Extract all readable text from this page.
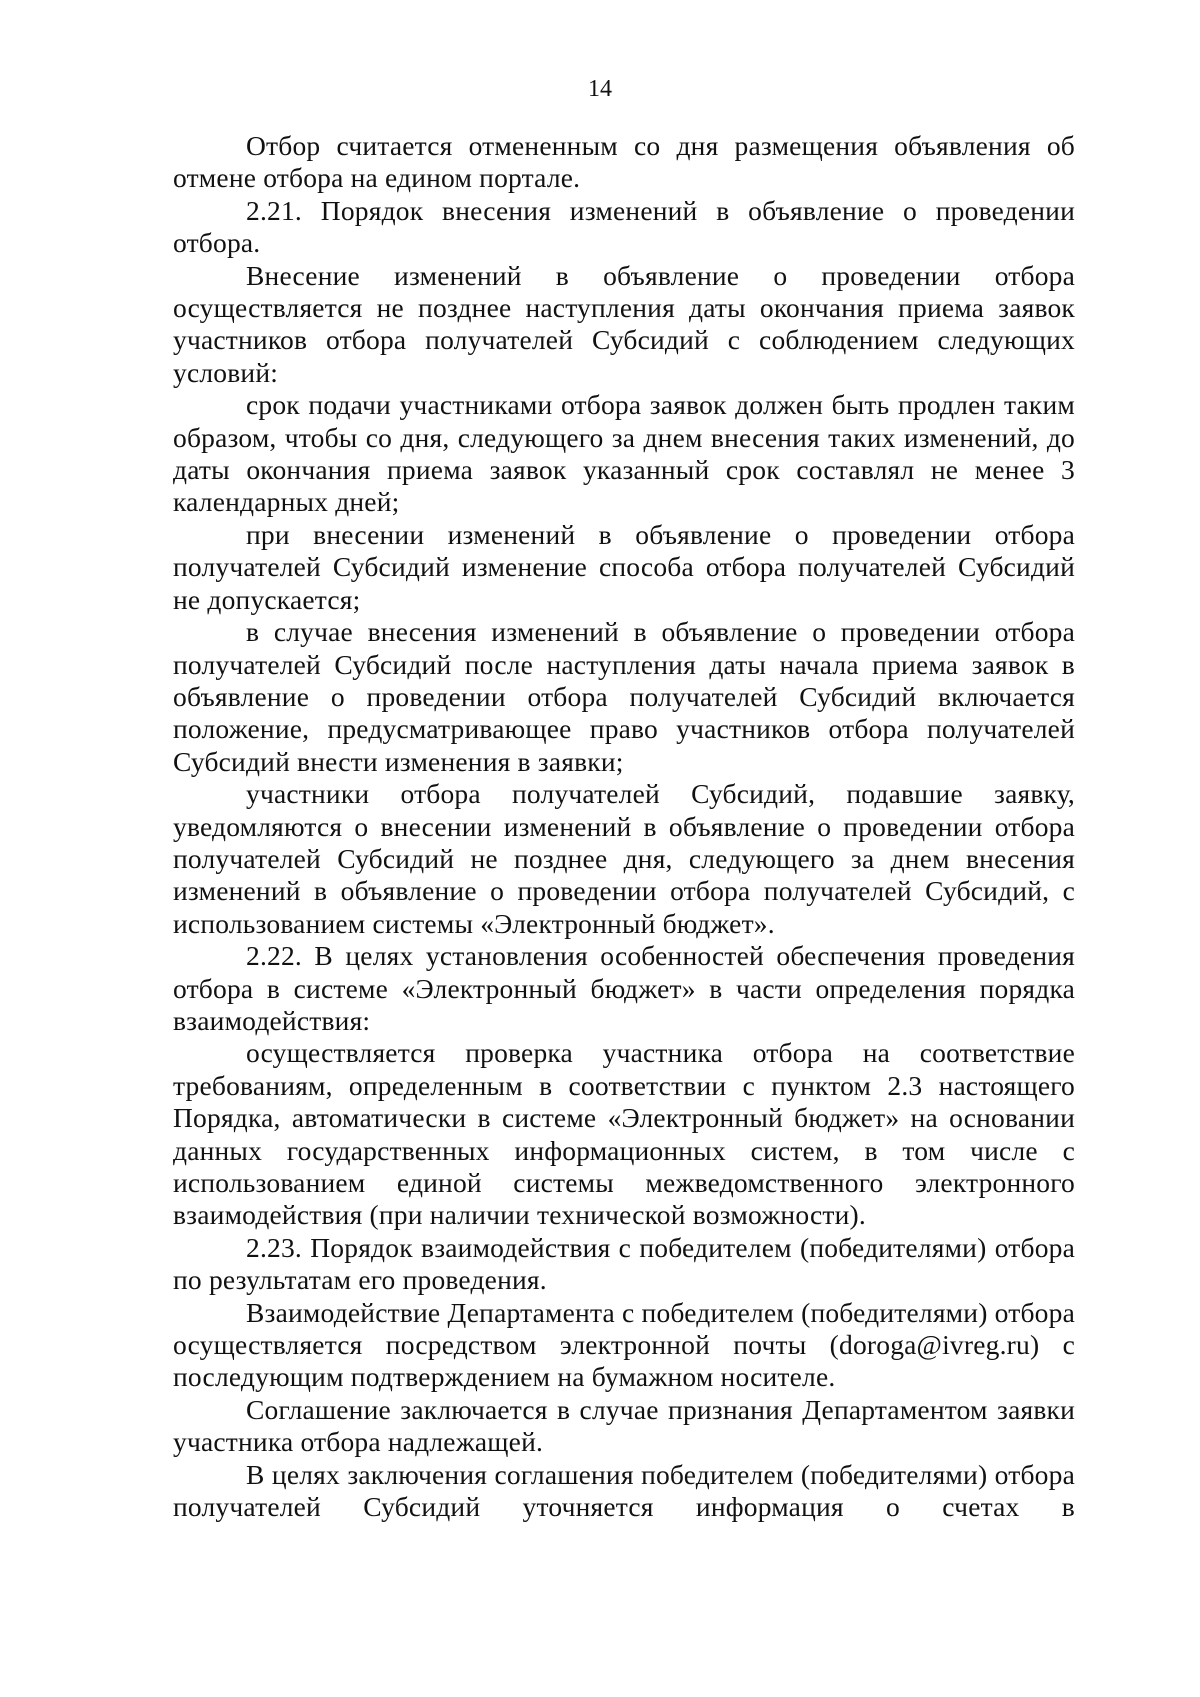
14

Отбор считается отмененным со дня размещения объявления об отмене отбора на едином портале.

2.21. Порядок внесения изменений в объявление о проведении отбора.

Внесение изменений в объявление о проведении отбора осуществляется не позднее наступления даты окончания приема заявок участников отбора получателей Субсидий с соблюдением следующих условий:

срок подачи участниками отбора заявок должен быть продлен таким образом, чтобы со дня, следующего за днем внесения таких изменений, до даты окончания приема заявок указанный срок составлял не менее 3 календарных дней;

при внесении изменений в объявление о проведении отбора получателей Субсидий изменение способа отбора получателей Субсидий не допускается;

в случае внесения изменений в объявление о проведении отбора получателей Субсидий после наступления даты начала приема заявок в объявление о проведении отбора получателей Субсидий включается положение, предусматривающее право участников отбора получателей Субсидий внести изменения в заявки;

участники отбора получателей Субсидий, подавшие заявку, уведомляются о внесении изменений в объявление о проведении отбора получателей Субсидий не позднее дня, следующего за днем внесения изменений в объявление о проведении отбора получателей Субсидий, с использованием системы «Электронный бюджет».

2.22. В целях установления особенностей обеспечения проведения отбора в системе «Электронный бюджет» в части определения порядка взаимодействия:

осуществляется проверка участника отбора на соответствие требованиям, определенным в соответствии с пунктом 2.3 настоящего Порядка, автоматически в системе «Электронный бюджет» на основании данных государственных информационных систем, в том числе с использованием единой системы межведомственного электронного взаимодействия (при наличии технической возможности).

2.23. Порядок взаимодействия с победителем (победителями) отбора по результатам его проведения.

Взаимодействие Департамента с победителем (победителями) отбора осуществляется посредством электронной почты (doroga@ivreg.ru) с последующим подтверждением на бумажном носителе.

Соглашение заключается в случае признания Департаментом заявки участника отбора надлежащей.

В целях заключения соглашения победителем (победителями) отбора получателей Субсидий уточняется информация о счетах в
